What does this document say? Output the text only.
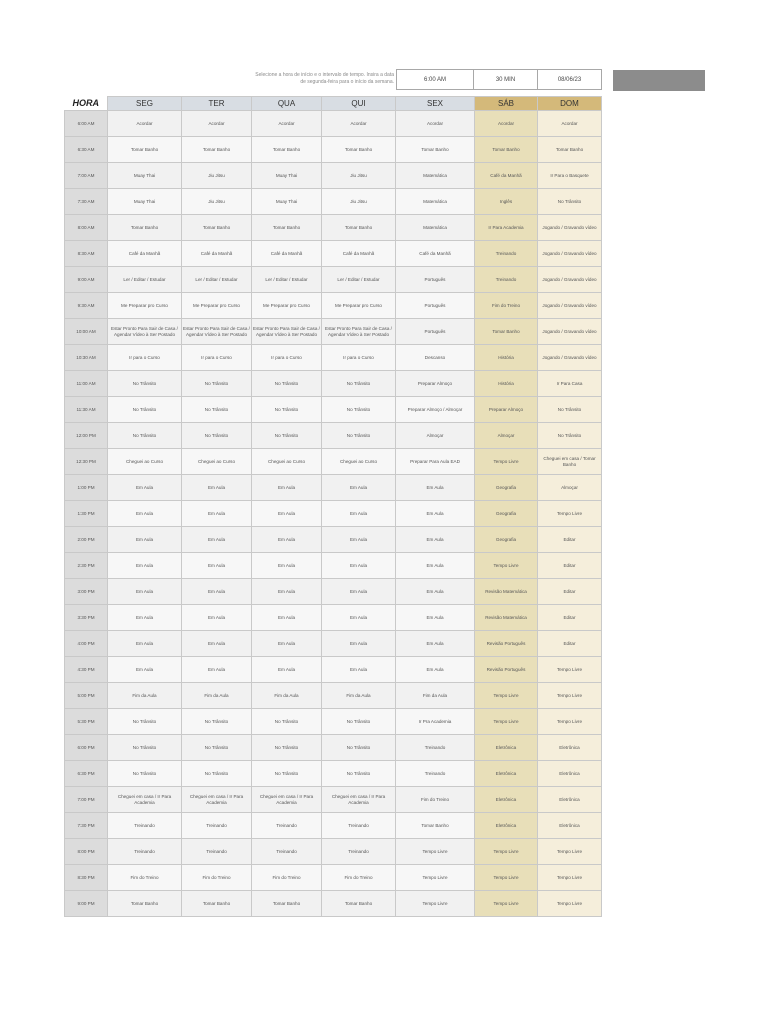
Selecione a hora de início e o intervalo de tempo. Insira a data de segunda-feira para o início da semana.	6:00 AM	30 MIN	08/06/23
HORA	SEG	TER	QUA	QUI	SEX	SÁB	DOM
6:00 AM	Acordar	Acordar	Acordar	Acordar	Acordar	Acordar	Acordar
6:30 AM	Tomar Banho	Tomar Banho	Tomar Banho	Tomar Banho	Tomar Banho	Tomar Banho	Tomar Banho
7:00 AM	Muay Thai	Jiu Jitsu	Muay Thai	Jiu Jitsu	Matemática	Café da Manhã	Ir Para o Basquete
7:30 AM	Muay Thai	Jiu Jitsu	Muay Thai	Jiu Jitsu	Matemática	Inglês	No Trânsito
8:00 AM	Tomar Banho	Tomar Banho	Tomar Banho	Tomar Banho	Matemática	Ir Para Academia	Jogando / Gravando vídeo
8:30 AM	Café da Manhã	Café da Manhã	Café da Manhã	Café da Manhã	Café da Manhã	Treinando	Jogando / Gravando vídeo
9:00 AM	Ler / Editar / Estudar	Ler / Editar / Estudar	Ler / Editar / Estudar	Ler / Editar / Estudar	Português	Treinando	Jogando / Gravando vídeo
9:30 AM	Me Preparar pro Curso	Me Preparar pro Curso	Me Preparar pro Curso	Me Preparar pro Curso	Português	Fim do Treino	Jogando / Gravando vídeo
10:00 AM	Estar Pronto Para Sair de Casa / Agendar Vídeo à Ser Postado	Estar Pronto Para Sair de Casa / Agendar Vídeo à Ser Postado	Estar Pronto Para Sair de Casa / Agendar Vídeo à Ser Postado	Estar Pronto Para Sair de Casa / Agendar Vídeo à Ser Postado	Português	Tomar Banho	Jogando / Gravando vídeo
10:30 AM	Ir para o Curso	Ir para o Curso	Ir para o Curso	Ir para o Curso	Descanso	História	Jogando / Gravando vídeo
11:00 AM	No Trânsito	No Trânsito	No Trânsito	No Trânsito	Preparar Almoço	História	Ir Para Casa
11:30 AM	No Trânsito	No Trânsito	No Trânsito	No Trânsito	Preparar Almoço / Almoçar	Preparar Almoço	No Trânsito
12:00 PM	No Trânsito	No Trânsito	No Trânsito	No Trânsito	Almoçar	Almoçar	No Trânsito
12:30 PM	Cheguei ao Curso	Cheguei ao Curso	Cheguei ao Curso	Cheguei ao Curso	Preparar Para Aula EAD	Tempo Livre	Cheguei em casa / Tomar Banho
1:00 PM	Em Aula	Em Aula	Em Aula	Em Aula	Em Aula	Geografia	Almoçar
1:30 PM	Em Aula	Em Aula	Em Aula	Em Aula	Em Aula	Geografia	Tempo Livre
2:00 PM	Em Aula	Em Aula	Em Aula	Em Aula	Em Aula	Geografia	Editar
2:30 PM	Em Aula	Em Aula	Em Aula	Em Aula	Em Aula	Tempo Livre	Editar
3:00 PM	Em Aula	Em Aula	Em Aula	Em Aula	Em Aula	Revisão Matemática	Editar
3:30 PM	Em Aula	Em Aula	Em Aula	Em Aula	Em Aula	Revisão Matemática	Editar
4:00 PM	Em Aula	Em Aula	Em Aula	Em Aula	Em Aula	Revisão Português	Editar
4:30 PM	Em Aula	Em Aula	Em Aula	Em Aula	Em Aula	Revisão Português	Tempo Livre
5:00 PM	Fim da Aula	Fim da Aula	Fim da Aula	Fim da Aula	Fim da Aula	Tempo Livre	Tempo Livre
5:30 PM	No Trânsito	No Trânsito	No Trânsito	No Trânsito	Ir Pra Academia	Tempo Livre	Tempo Livre
6:00 PM	No Trânsito	No Trânsito	No Trânsito	No Trânsito	Treinando	Eletrônica	Eletrônica
6:30 PM	No Trânsito	No Trânsito	No Trânsito	No Trânsito	Treinando	Eletrônica	Eletrônica
7:00 PM	Cheguei em casa / Ir Para Academia	Cheguei em casa / Ir Para Academia	Cheguei em casa / Ir Para Academia	Cheguei em casa / Ir Para Academia	Fim do Treino	Eletrônica	Eletrônica
7:30 PM	Treinando	Treinando	Treinando	Treinando	Tomar Banho	Eletrônica	Eletrônica
8:00 PM	Treinando	Treinando	Treinando	Treinando	Tempo Livre	Tempo Livre	Tempo Livre
8:30 PM	Fim do Treino	Fim do Treino	Fim do Treino	Fim do Treino	Tempo Livre	Tempo Livre	Tempo Livre
9:00 PM	Tomar Banho	Tomar Banho	Tomar Banho	Tomar Banho	Tempo Livre	Tempo Livre	Tempo Livre
